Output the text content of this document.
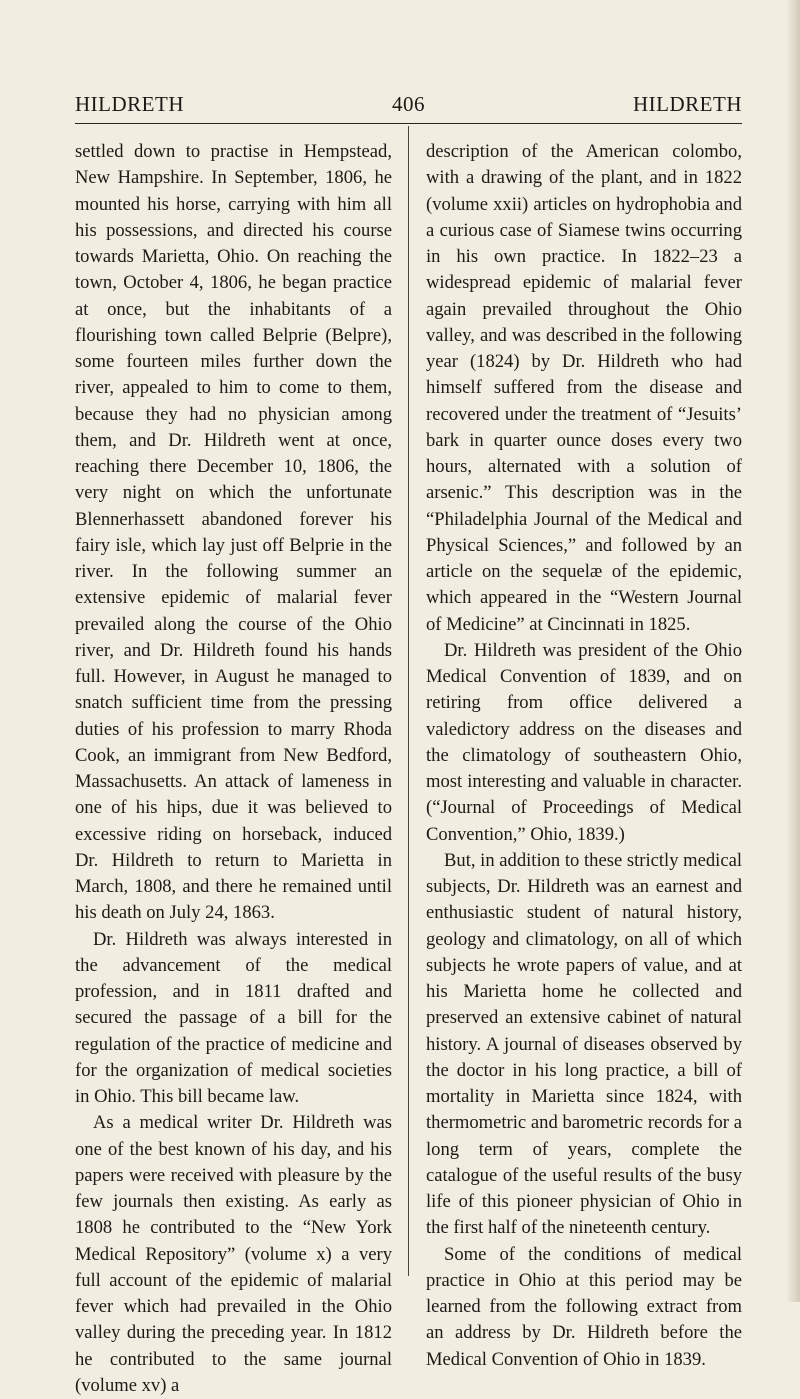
HILDRETH	406	HILDRETH

settled down to practise in Hempstead, New Hampshire. In September, 1806, he mounted his horse, carrying with him all his possessions, and directed his course towards Marietta, Ohio. On reaching the town, October 4, 1806, he began practice at once, but the inhabitants of a flourishing town called Belprie (Belpre), some fourteen miles further down the river, appealed to him to come to them, because they had no physician among them, and Dr. Hildreth went at once, reaching there December 10, 1806, the very night on which the unfortunate Blennerhassett abandoned forever his fairy isle, which lay just off Belprie in the river. In the following summer an extensive epidemic of malarial fever prevailed along the course of the Ohio river, and Dr. Hildreth found his hands full. However, in August he managed to snatch sufficient time from the pressing duties of his profession to marry Rhoda Cook, an immigrant from New Bedford, Massachusetts. An attack of lameness in one of his hips, due it was believed to excessive riding on horseback, induced Dr. Hildreth to return to Marietta in March, 1808, and there he remained until his death on July 24, 1863.

Dr. Hildreth was always interested in the advancement of the medical profession, and in 1811 drafted and secured the passage of a bill for the regulation of the practice of medicine and for the organization of medical societies in Ohio. This bill became law.

As a medical writer Dr. Hildreth was one of the best known of his day, and his papers were received with pleasure by the few journals then existing. As early as 1808 he contributed to the “New York Medical Repository” (volume x) a very full account of the epidemic of malarial fever which had prevailed in the Ohio valley during the preceding year. In 1812 he contributed to the same journal (volume xv) a

description of the American colombo, with a drawing of the plant, and in 1822 (volume xxii) articles on hydrophobia and a curious case of Siamese twins occurring in his own practice. In 1822–23 a widespread epidemic of malarial fever again prevailed throughout the Ohio valley, and was described in the following year (1824) by Dr. Hildreth who had himself suffered from the disease and recovered under the treatment of “Jesuits’ bark in quarter ounce doses every two hours, alternated with a solution of arsenic.” This description was in the “Philadelphia Journal of the Medical and Physical Sciences,” and followed by an article on the sequelæ of the epidemic, which appeared in the “Western Journal of Medicine” at Cincinnati in 1825.

Dr. Hildreth was president of the Ohio Medical Convention of 1839, and on retiring from office delivered a valedictory address on the diseases and the climatology of southeastern Ohio, most interesting and valuable in character. (“Journal of Proceedings of Medical Convention,” Ohio, 1839.)

But, in addition to these strictly medical subjects, Dr. Hildreth was an earnest and enthusiastic student of natural history, geology and climatology, on all of which subjects he wrote papers of value, and at his Marietta home he collected and preserved an extensive cabinet of natural history. A journal of diseases observed by the doctor in his long practice, a bill of mortality in Marietta since 1824, with thermometric and barometric records for a long term of years, complete the catalogue of the useful results of the busy life of this pioneer physician of Ohio in the first half of the nineteenth century.

Some of the conditions of medical practice in Ohio at this period may be learned from the following extract from an address by Dr. Hildreth before the Medical Convention of Ohio in 1839.
